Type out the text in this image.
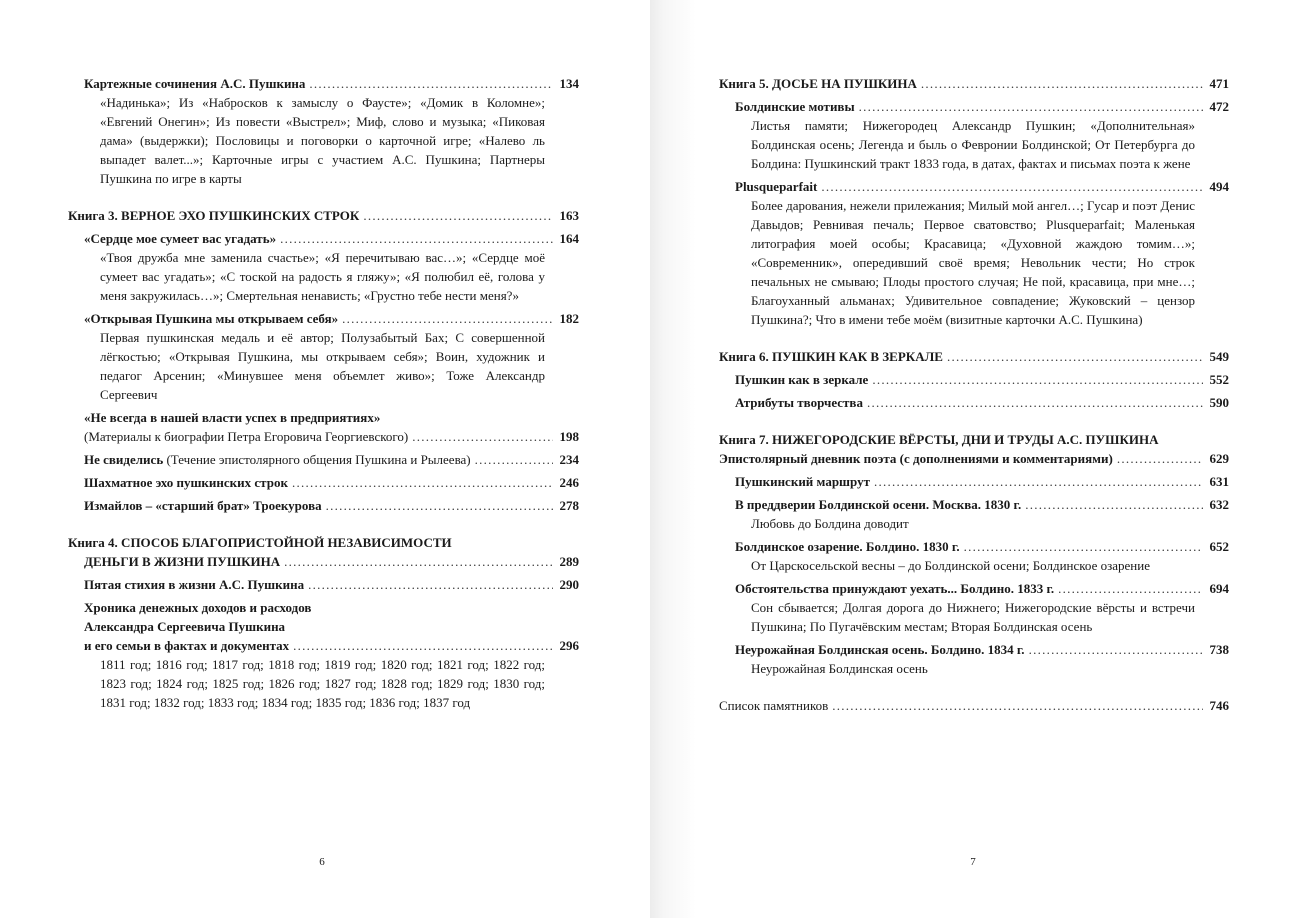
Картежные сочинения А.С. Пушкина . . .	134
«Надинька»; Из «Набросков к замыслу о Фаусте»; «Домик в Коломне»; «Евгений Онегин»; Из повести «Выстрел»; Миф, слово и музыка; «Пиковая дама» (выдержки); Пословицы и поговорки о карточной игре; «Налево ль выпадет валет...»; Карточные игры с участием А.С. Пушкина; Партнеры Пушкина по игре в карты
Книга 3. ВЕРНОЕ ЭХО ПУШКИНСКИХ СТРОК . . .	163
«Сердце мое сумеет вас угадать» . . .	164
«Твоя дружба мне заменила счастье»; «Я перечитываю вас…»; «Сердце моё сумеет вас угадать»; «С тоской на радость я гляжу»; «Я полюбил её, голова у меня закружилась…»; Смертельная ненависть; «Грустно тебе нести меня?»
«Открывая Пушкина мы открываем себя» . . .	182
Первая пушкинская медаль и её автор; Полузабытый Бах; С совершенной лёгкостью; «Открывая Пушкина, мы открываем себя»; Воин, художник и педагог Арсенин; «Минувшее меня объемлет живо»; Тоже Александр Сергеевич
«Не всегда в нашей власти успех в предприятиях»
(Материалы к биографии Петра Егоровича Георгиевского) . . .	198
Не свиделись (Течение эпистолярного общения Пушкина и Рылеева) . . .	234
Шахматное эхо пушкинских строк . . .	246
Измайлов – «старший брат» Троекурова . . .	278
Книга 4. СПОСОБ БЛАГОПРИСТОЙНОЙ НЕЗАВИСИМОСТИ
ДЕНЬГИ В ЖИЗНИ ПУШКИНА . . .	289
Пятая стихия в жизни А.С. Пушкина . . .	290
Хроника денежных доходов и расходов
Александра Сергеевича Пушкина
и его семьи в фактах и документах . . .	296
1811 год; 1816 год; 1817 год; 1818 год; 1819 год; 1820 год; 1821 год; 1822 год; 1823 год; 1824 год; 1825 год; 1826 год; 1827 год; 1828 год; 1829 год; 1830 год; 1831 год; 1832 год; 1833 год; 1834 год; 1835 год; 1836 год; 1837 год
6
Книга 5. ДОСЬЕ НА ПУШКИНА . . .	471
Болдинские мотивы . . .	472
Листья памяти; Нижегородец Александр Пушкин; «Дополнительная» Болдинская осень; Легенда и быль о Февронии Болдинской; От Петербурга до Болдина: Пушкинский тракт 1833 года, в датах, фактах и письмах поэта к жене
Plusqueparfait . . .	494
Более дарования, нежели прилежания; Милый мой ангел…; Гусар и поэт Денис Давыдов; Ревнивая печаль; Первое сватовство; Plusqueparfait; Маленькая литография моей особы; Красавица; «Духовной жаждою томим…»; «Современник», опередивший своё время; Невольник чести; Но строк печальных не смываю; Плоды простого случая; Не пой, красавица, при мне…; Благоуханный альманах; Удивительное совпадение; Жуковский – цензор Пушкина?; Что в имени тебе моём (визитные карточки А.С. Пушкина)
Книга 6. ПУШКИН КАК В ЗЕРКАЛЕ . . .	549
Пушкин как в зеркале . . .	552
Атрибуты творчества . . .	590
Книга 7. НИЖЕГОРОДСКИЕ ВЁРСТЫ, ДНИ И ТРУДЫ А.С. ПУШКИНА
Эпистолярный дневник поэта (с дополнениями и комментариями) . . .	629
Пушкинский маршрут . . .	631
В преддверии Болдинской осени. Москва. 1830 г. . . .	632
Любовь до Болдина доводит
Болдинское озарение. Болдино. 1830 г. . . .	652
От Царскосельской весны – до Болдинской осени; Болдинское озарение
Обстоятельства принуждают уехать... Болдино. 1833 г. . . .	694
Сон сбывается; Долгая дорога до Нижнего; Нижегородские вёрсты и встречи Пушкина; По Пугачёвским местам; Вторая Болдинская осень
Неурожайная Болдинская осень. Болдино. 1834 г. . . .	738
Неурожайная Болдинская осень
Список памятников . . .	746
7
